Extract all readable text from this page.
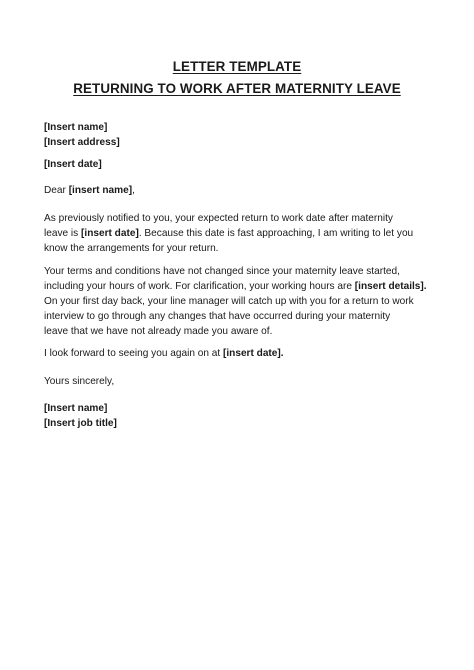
LETTER TEMPLATE
RETURNING TO WORK AFTER MATERNITY LEAVE
[Insert name]
[Insert address]
[Insert date]
Dear [insert name],
As previously notified to you, your expected return to work date after maternity
leave is [insert date]. Because this date is fast approaching, I am writing to let you
know the arrangements for your return.
Your terms and conditions have not changed since your maternity leave started,
including your hours of work. For clarification, your working hours are [insert details].
On your first day back, your line manager will catch up with you for a return to work
interview to go through any changes that have occurred during your maternity
leave that we have not already made you aware of.
I look forward to seeing you again on at [insert date].
Yours sincerely,
[Insert name]
[Insert job title]
